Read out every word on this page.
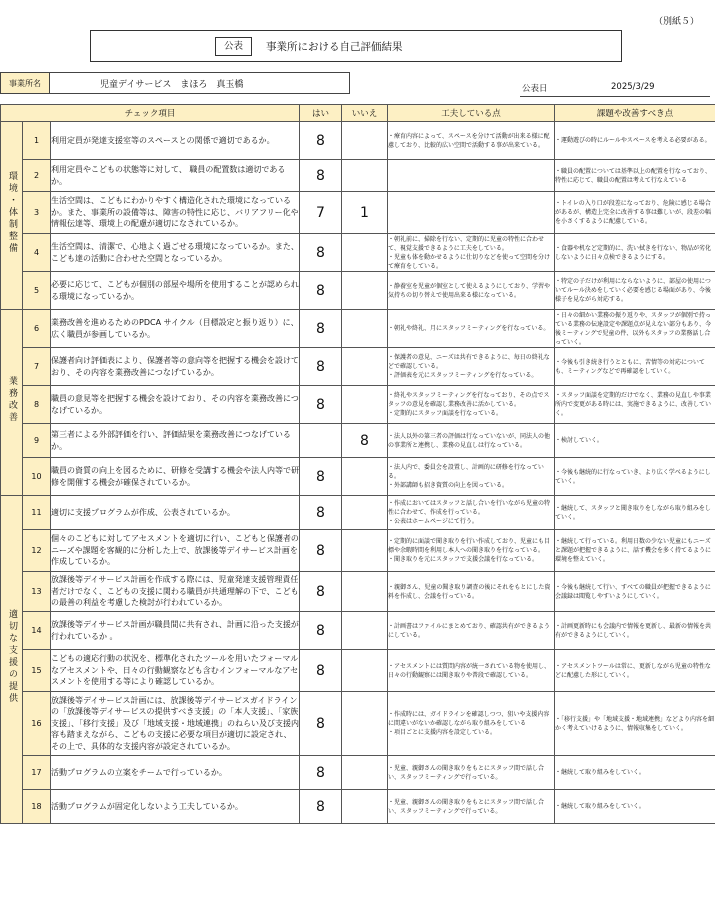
（別紙５）
公表	事業所における自己評価結果
事業所名	児童デイサービス　まほろ　真玉橋	公表日	2025/3/29
チェック項目			はい	いいえ	工夫している点	課題や改善すべき点
環境・体制整備	1	利用定員が発達支援室等のスペースとの関係で適切であるか。	8		・療育内容によって、スペースを分けて活動が出来る様に配慮しており、比較的広い空間で活動する事が出来ている。	・運動遊びの時にルールやスペースを考える必要がある。
	2	利用定員やこどもの状態等に対して、 職員の配置数は適切であるか。	8			・職員の配置については基準以上の配置を行なっており、特性に応じて、職員の配置は考えて行なえている
	3	生活空間は、こどもにわかりやすく構造化された環境になっているか。また、事業所の設備等は、障害の特性に応じ、バリアフリー化や情報伝達等、環境上の配慮が適切になされているか。	7	1		・トイレの入り口が段差になっており、危険に感じる場合があるが、構造上完全に改善する事は難しいが、段差の幅を小さくするように配慮している。
	4	生活空間は、清潔で、心地よく過ごせる環境になっているか。また、こども達の活動に合わせた空間となっているか。	8		・朝礼前に、掃除を行ない、定期的に児童の特性に合わせて、視覚支援できるように工夫をしている。
・児童も体を動かせるように仕切りなどを使って空間を分けて療育をしている。	・食器や机など定期的に、洗い拭きを行ない、物品が劣化しないように日々点検できるようにする。
	5	必要に応じて、こどもが個別の部屋や場所を使用することが認められる環境になっているか。	8		・静養室を児童が個室として使えるようにしており、学習や気持ちの切り替えで使用出来る様になっている。	・特定の子だけが利用にならないように、部屋の使用についてルール決めをしていく必要を感じる場面があり、今後様子を見ながら対応する。
業務改善	6	業務改善を進めるためのPDCA サイクル（目標設定と振り返り）に、広く職員が参画しているか。	8		・朝礼や終礼、月にスタッフミーティングを行なっている。	・日々の細かい業務の振り返りや、スタッフが個別で持っている業務の伝達設定や課題点が見えない部分もあり、今後ミーティングで児童の件、以外もスタッフの業務話し合っていく。
	7	保護者向け評価表により、保護者等の意向等を把握する機会を設けており、その内容を業務改善につなげているか。	8		・保護者の意見、ニーズは共有できるように、毎日の終礼などで確認している。
・評価表を元にスタッフミーティングを行なっている。	・今後も引き続き行うとともに、苦情等の対応についても、ミーティングなどで再確認をしていく。
	8	職員の意見等を把握する機会を設けており、その内容を業務改善につなげているか。	8		・終礼やスタッフミーティングを行なっており、その点でスタッフの意見を確認し業務改善に活かしている。
・定期的にスタッフ面談を行なっている。	・スタッフ面談を定期的だけでなく、業務の見直しや事業所内で変更がある時には、実施できるように、改善していく。
	9	第三者による外部評価を行い、評価結果を業務改善につなげているか。		8	・法人以外の第三者の評価は行なっていないが、同法人の他の事業所と連携し、業務の見直しは行なっている。	・検討していく。
	10	職員の資質の向上を図るために、研修を受講する機会や法人内等で研修を開催する機会が確保されているか。	8		・法人内で、委員会を設置し、計画的に研修を行なっている。
・外部講師も招き資質の向上を図っている。	・今後も継続的に行なっていき、より広く学べるようにしていく。
適切な支援の提供	11	適切に支援プログラムが作成、公表されているか。	8		・作成においてはスタッフと話し合いを行いながら児童の特性に合わせて、作成を行っている。
・公表はホームページにて行う。	・継続して、スタッフと聞き取りをしながら取り組みをしていく。
	12	個々のこどもに対してアセスメントを適切に行い、こどもと保護者のニーズや課題を客観的に分析した上で、放課後等デイサービス計画を作成しているか。	8		・定期的に面談で聞き取りを行い作成しており、児童にも目標や余暇時間を利用し本人への聞き取りを行なっている。
・聞き取りを元にスタッフで支援会議を行なっている。	・継続して行っている。利用日数の少ない児童にもニーズと課題が把握できるように、話す機会を多く持てるように環境を整えていく。
	13	放課後等デイサービス計画を作成する際には、児童発達支援管理責任者だけでなく、こどもの支援に関わる職員が共通理解の下で、こどもの最善の利益を考慮した検討が行われているか。	8		・親御さん、児童の聞き取り調査の後にそれをもとにした資料を作成し、会議を行っている。	・今後も継続して行い、すべての職員が把握できるように会議録は閲覧しやすいようにしていく。
	14	放課後等デイサービス計画が職員間に共有され、計画に沿った支援が行われているか 。	8		・計画書はファイルにまとめており、確認共有ができるようにしている。	・計画更新時にも会議内で情報を更新し、最新の情報を共有ができるようにしていく。
	15	こどもの適応行動の状況を、標準化されたツールを用いたフォーマルなアセスメントや、日々の行動観察なども含むインフォーマルなアセスメントを使用する等により確認しているか。	8		・アセスメントには質問内容が統一されている物を使用し、日々の行動観察には聞き取りや普段で確認している。	・アセスメントツールは常に、更新しながら児童の特性などに配慮した形にしていく。
	16	放課後等デイサービス計画には、放課後等デイサービスガイドラインの「放課後等デイサービスの提供すべき支援」の「本人支援」、「家族支援」、「移行支援」及び「地域支援・地域連携」のねらい及び支援内容も踏まえながら、こどもの支援に必要な項目が適切に設定され、その上で、具体的な支援内容が設定されているか。	8		・作成時には、ガイドラインを確認しつつ、狙いや支援内容に間違いがないか確認しながら取り組みをしている
・項目ごとに支援内容を設定している。	・「移行支援」や「地域支援・地域連携」などより内容を細かく考えていけるように、情報収集をしていく。
	17	活動プログラムの立案をチームで行っているか。	8		・児童、親御さんの聞き取りをもとにスタッフ間で話し合い、スタッフミーティングで行っている。	・継続して取り組みをしていく。
	18	活動プログラムが固定化しないよう工夫しているか。	8		・児童、親御さんの聞き取りをもとにスタッフ間で話し合い、スタッフミーティングで行っている。	・継続して取り組みをしていく。
